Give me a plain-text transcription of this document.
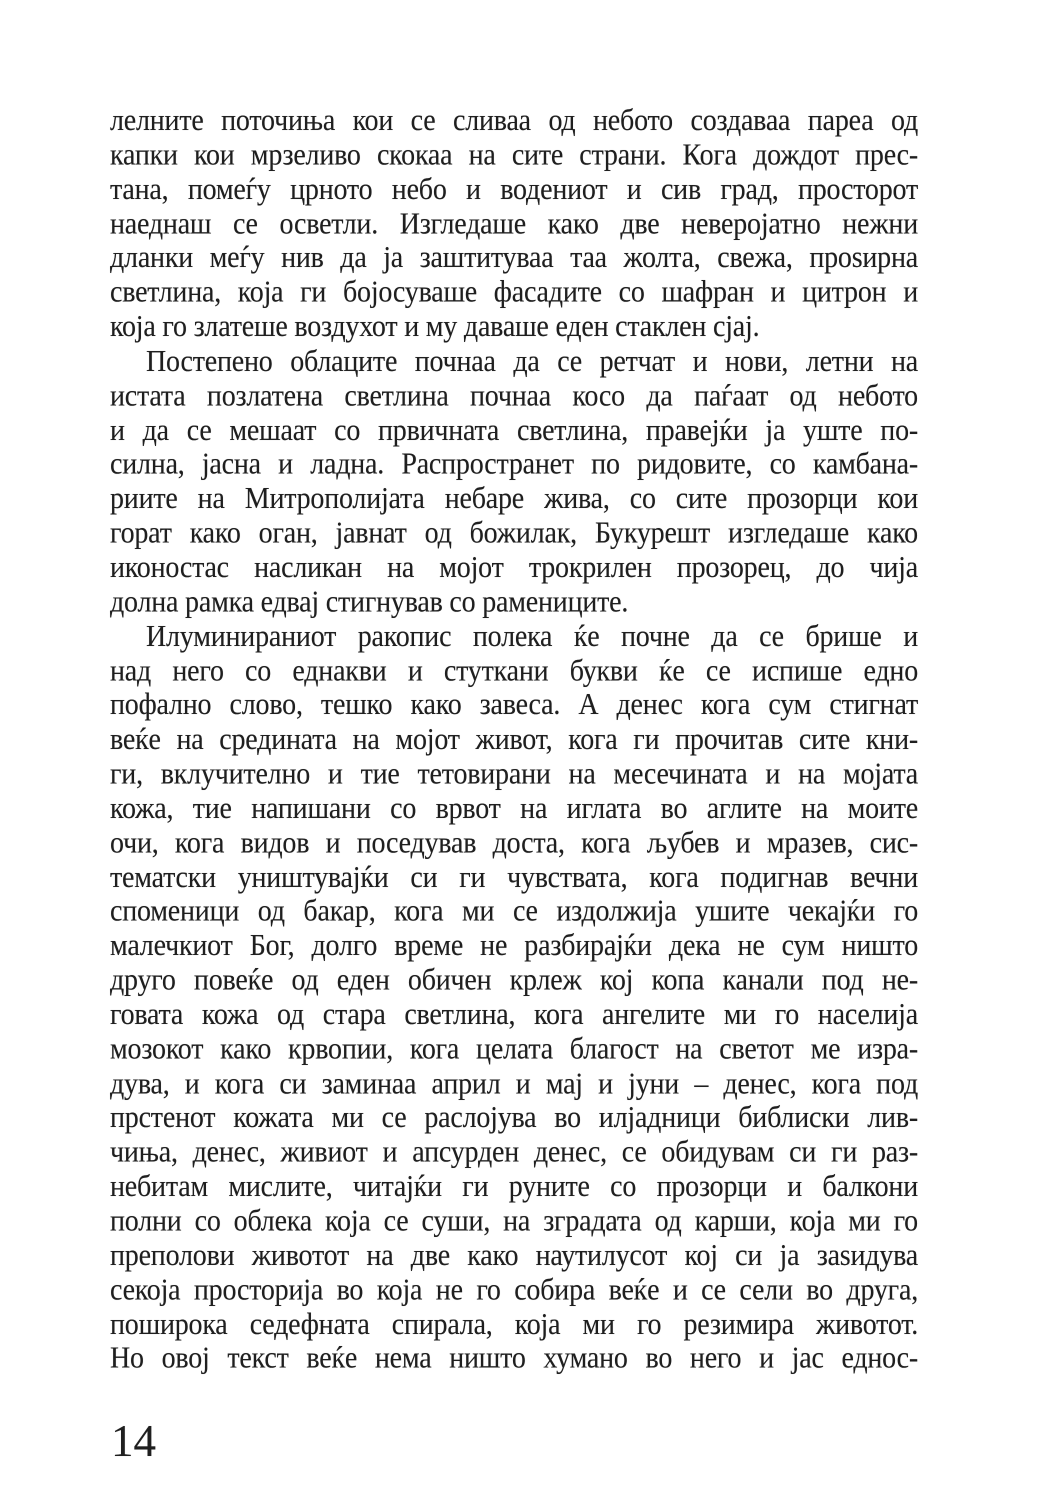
лелните поточиња кои се сливаа од небото создаваа пареа од
капки кои мрзеливо скокаа на сите страни. Кога дождот прес-
тана, помеѓу црното небо и водениот и сив град, просторот
наеднаш се осветли. Изгледаше како две неверојатно нежни
дланки меѓу нив да ја заштитуваа таа жолта, свежа, проѕирна
светлина, која ги бојосуваше фасадите со шафран и цитрон и
која го златеше воздухот и му даваше еден стаклен сјај.
Постепено облаците почнаа да се ретчат и нови, летни на
истата позлатена светлина почнаа косо да паѓаат од небото
и да се мешаат со првичната светлина, правејќи ја уште по-
силна, јасна и ладна. Распространет по ридовите, со камбана-
риите на Митрополијата небаре жива, со сите прозорци кои
горат како оган, јавнат од божилак, Букурешт изгледаше како
иконостас насликан на мојот трокрилен прозорец, до чија
долна рамка едвај стигнував со рамениците.
Илуминираниот ракопис полека ќе почне да се брише и
над него со еднакви и стуткани букви ќе се испише едно
пофално слово, тешко како завеса. А денес кога сум стигнат
веќе на средината на мојот живот, кога ги прочитав сите кни-
ги, вклучително и тие тетовирани на месечината и на мојата
кожа, тие напишани со врвот на иглата во аглите на моите
очи, кога видов и поседував доста, кога љубев и мразев, сис-
тематски уништувајќи си ги чувствата, кога подигнав вечни
споменици од бакар, кога ми се издолжија ушите чекајќи го
малечкиот Бог, долго време не разбирајќи дека не сум ништо
друго повеќе од еден обичен крлеж кој копа канали под не-
говата кожа од стара светлина, кога ангелите ми го населија
мозокот како крвопии, кога целата благост на светот ме изра-
дува, и кога си заминаа април и мај и јуни – денес, кога под
прстенот кожата ми се раслојува во илјадници библиски лив-
чиња, денес, живиот и апсурден денес, се обидувам си ги раз-
небитам мислите, читајќи ги руните со прозорци и балкони
полни со облека која се суши, на зградата од карши, која ми го
преполови животот на две како наутилусот кој си ја заѕидува
секоја просторија во која не го собира веќе и се сели во друга,
поширока седефната спирала, која ми го резимира животот.
Но овој текст веќе нема ништо хумано во него и јас еднос-
14
